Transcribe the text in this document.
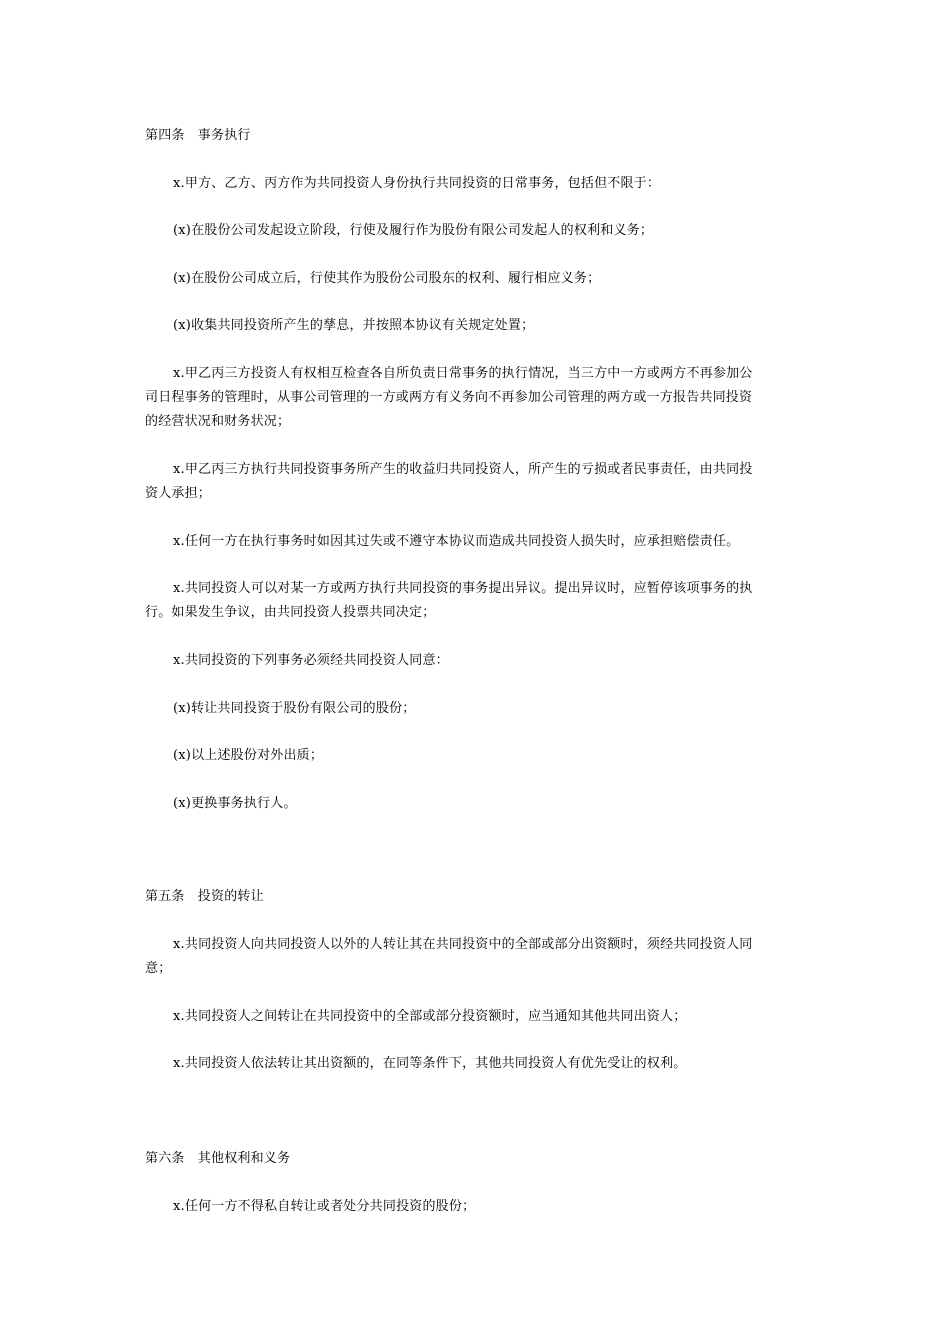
第四条　事务执行
x.甲方、乙方、丙方作为共同投资人身份执行共同投资的日常事务，包括但不限于：
(x)在股份公司发起设立阶段，行使及履行作为股份有限公司发起人的权利和义务；
(x)在股份公司成立后，行使其作为股份公司股东的权利、履行相应义务；
(x)收集共同投资所产生的孳息，并按照本协议有关规定处置；
x.甲乙丙三方投资人有权相互检查各自所负责日常事务的执行情况，当三方中一方或两方不再参加公
司日程事务的管理时，从事公司管理的一方或两方有义务向不再参加公司管理的两方或一方报告共同投资
的经营状况和财务状况；
x.甲乙丙三方执行共同投资事务所产生的收益归共同投资人，所产生的亏损或者民事责任，由共同投
资人承担；
x.任何一方在执行事务时如因其过失或不遵守本协议而造成共同投资人损失时，应承担赔偿责任。
x.共同投资人可以对某一方或两方执行共同投资的事务提出异议。提出异议时，应暂停该项事务的执
行。如果发生争议，由共同投资人投票共同决定；
x.共同投资的下列事务必须经共同投资人同意：
(x)转让共同投资于股份有限公司的股份；
(x)以上述股份对外出质；
(x)更换事务执行人。
第五条　投资的转让
x.共同投资人向共同投资人以外的人转让其在共同投资中的全部或部分出资额时，须经共同投资人同
意；
x.共同投资人之间转让在共同投资中的全部或部分投资额时，应当通知其他共同出资人；
x.共同投资人依法转让其出资额的，在同等条件下，其他共同投资人有优先受让的权利。
第六条　其他权利和义务
x.任何一方不得私自转让或者处分共同投资的股份；
